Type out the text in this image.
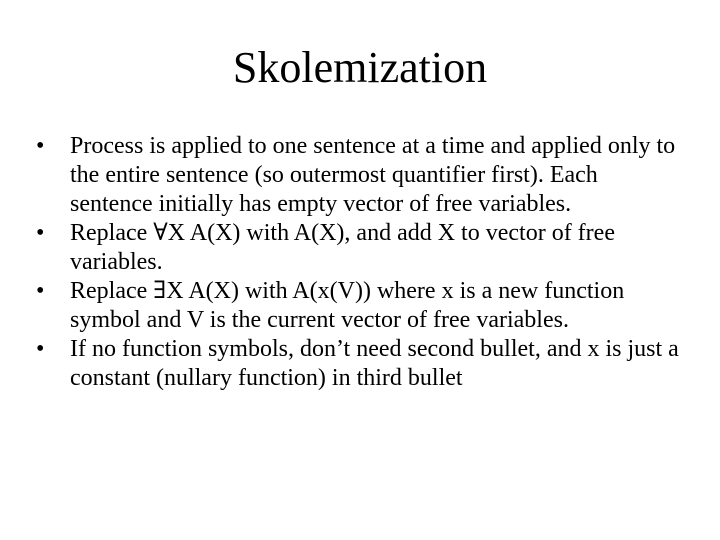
Skolemization
•	Process is applied to one sentence at a time and applied only to the entire sentence (so outermost quantifier first). Each sentence initially has empty vector of free variables.
•	Replace ∀X A(X) with A(X), and add X to vector of free variables.
•	Replace ∃X A(X) with A(x(V)) where x is a new function symbol and V is the current vector of free variables.
•	If no function symbols, don’t need second bullet, and x is just a constant (nullary function) in third bullet
